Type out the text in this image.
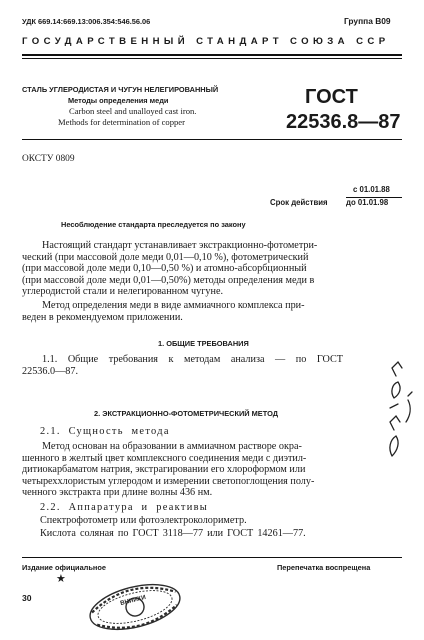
УДК 669.14:669.13:006.354:546.56.06	Группа В09
ГОСУДАРСТВЕННЫЙ СТАНДАРТ СОЮЗА ССР
СТАЛЬ УГЛЕРОДИСТАЯ И ЧУГУН НЕЛЕГИРОВАННЫЙ
Методы определения меди
Carbon steel and unalloyed cast iron.
Methods for determination of copper
ГОСТ
22536.8—87
ОКСТУ 0809
с 01.01.88
Срок действия до 01.01.98
Несоблюдение стандарта преследуется по закону
Настоящий стандарт устанавливает экстракционно-фотометри-
ческий (при массовой доле меди 0,01—0,10 %), фотометрический
(при массовой доле меди 0,10—0,50 %) и атомно-абсорбционный
(при массовой доле меди 0,01—0,50%) методы определения меди в
углеродистой стали и нелегированном чугуне.
Метод определения меди в виде аммиачного комплекса при-
веден в рекомендуемом приложении.
1. ОБЩИЕ ТРЕБОВАНИЯ
1.1. Общие требования к методам анализа — по ГОСТ
22536.0—87.
2. ЭКСТРАКЦИОННО-ФОТОМЕТРИЧЕСКИЙ МЕТОД
2.1.  Сущность  метода
Метод основан на образовании в аммиачном растворе окра-
шенного в желтый цвет комплексного соединения меди с диэтил-
дитиокарбаматом натрия, экстрагировании его хлороформом или
четыреххлористым углеродом и измерении светопоглощения полу-
ченного экстракта при длине волны 436 нм.
2.2.  Аппаратура  и  реактивы
Спектрофотометр или фотоэлектроколориметр.
Кислота соляная по ГОСТ 3118—77 или ГОСТ 14261—77.
Издание официальное	Перепечатка воспрещена
★
30	ВНИИКИ
